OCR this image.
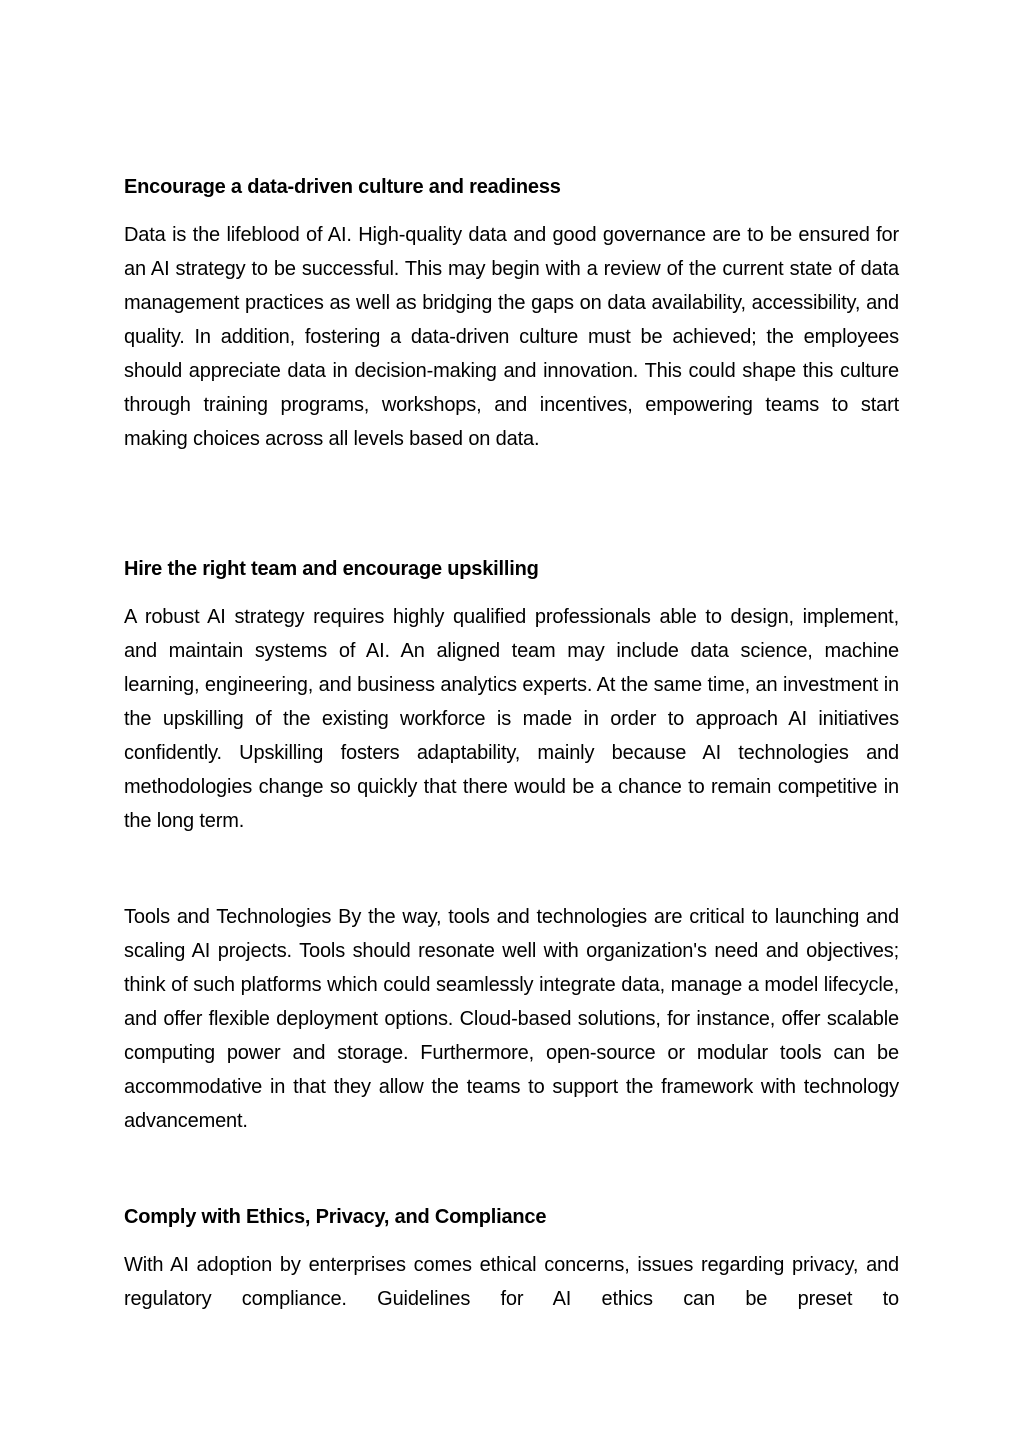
Encourage a data-driven culture and readiness

Data is the lifeblood of AI. High-quality data and good governance are to be ensured for an AI strategy to be successful. This may begin with a review of the current state of data management practices as well as bridging the gaps on data availability, accessibility, and quality. In addition, fostering a data-driven culture must be achieved; the employees should appreciate data in decision-making and innovation. This could shape this culture through training programs, workshops, and incentives, empowering teams to start making choices across all levels based on data.

Hire the right team and encourage upskilling

A robust AI strategy requires highly qualified professionals able to design, implement, and maintain systems of AI. An aligned team may include data science, machine learning, engineering, and business analytics experts. At the same time, an investment in the upskilling of the existing workforce is made in order to approach AI initiatives confidently. Upskilling fosters adaptability, mainly because AI technologies and methodologies change so quickly that there would be a chance to remain competitive in the long term.

Tools and Technologies By the way, tools and technologies are critical to launching and scaling AI projects. Tools should resonate well with organization's need and objectives; think of such platforms which could seamlessly integrate data, manage a model lifecycle, and offer flexible deployment options. Cloud-based solutions, for instance, offer scalable computing power and storage. Furthermore, open-source or modular tools can be accommodative in that they allow the teams to support the framework with technology advancement.

Comply with Ethics, Privacy, and Compliance

With AI adoption by enterprises comes ethical concerns, issues regarding privacy, and regulatory compliance. Guidelines for AI ethics can be preset to
